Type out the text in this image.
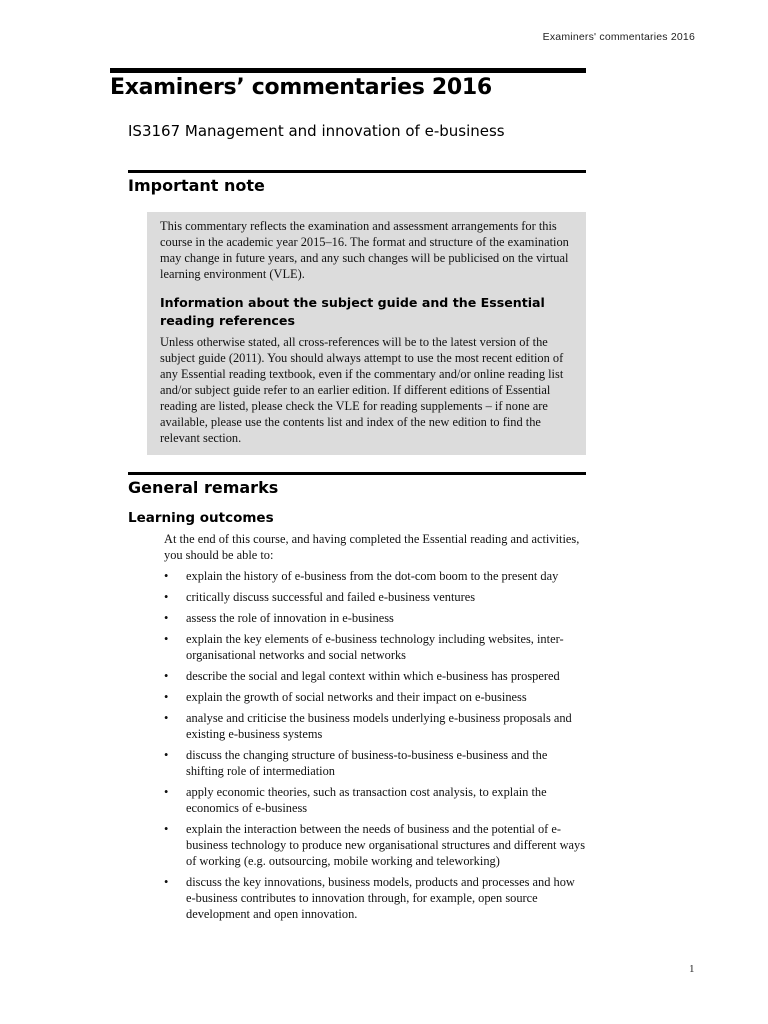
Examiners' commentaries 2016
Examiners’ commentaries 2016
IS3167 Management and innovation of e-business
Important note

This commentary reflects the examination and assessment arrangements for this course in the academic year 2015–16. The format and structure of the examination may change in future years, and any such changes will be publicised on the virtual learning environment (VLE).

Information about the subject guide and the Essential reading references

Unless otherwise stated, all cross-references will be to the latest version of the subject guide (2011). You should always attempt to use the most recent edition of any Essential reading textbook, even if the commentary and/or online reading list and/or subject guide refer to an earlier edition. If different editions of Essential reading are listed, please check the VLE for reading supplements – if none are available, please use the contents list and index of the new edition to find the relevant section.

General remarks
Learning outcomes

At the end of this course, and having completed the Essential reading and activities, you should be able to:

• explain the history of e-business from the dot-com boom to the present day

• critically discuss successful and failed e-business ventures

• assess the role of innovation in e-business

• explain the key elements of e-business technology including websites, inter-organisational networks and social networks

• describe the social and legal context within which e-business has prospered

• explain the growth of social networks and their impact on e-business

• analyse and criticise the business models underlying e-business proposals and existing e-business systems

• discuss the changing structure of business-to-business e-business and the shifting role of intermediation

• apply economic theories, such as transaction cost analysis, to explain the economics of e-business

• explain the interaction between the needs of business and the potential of e-business technology to produce new organisational structures and different ways of working (e.g. outsourcing, mobile working and teleworking)

• discuss the key innovations, business models, products and processes and how e-business contributes to innovation through, for example, open source development and open innovation.

1
